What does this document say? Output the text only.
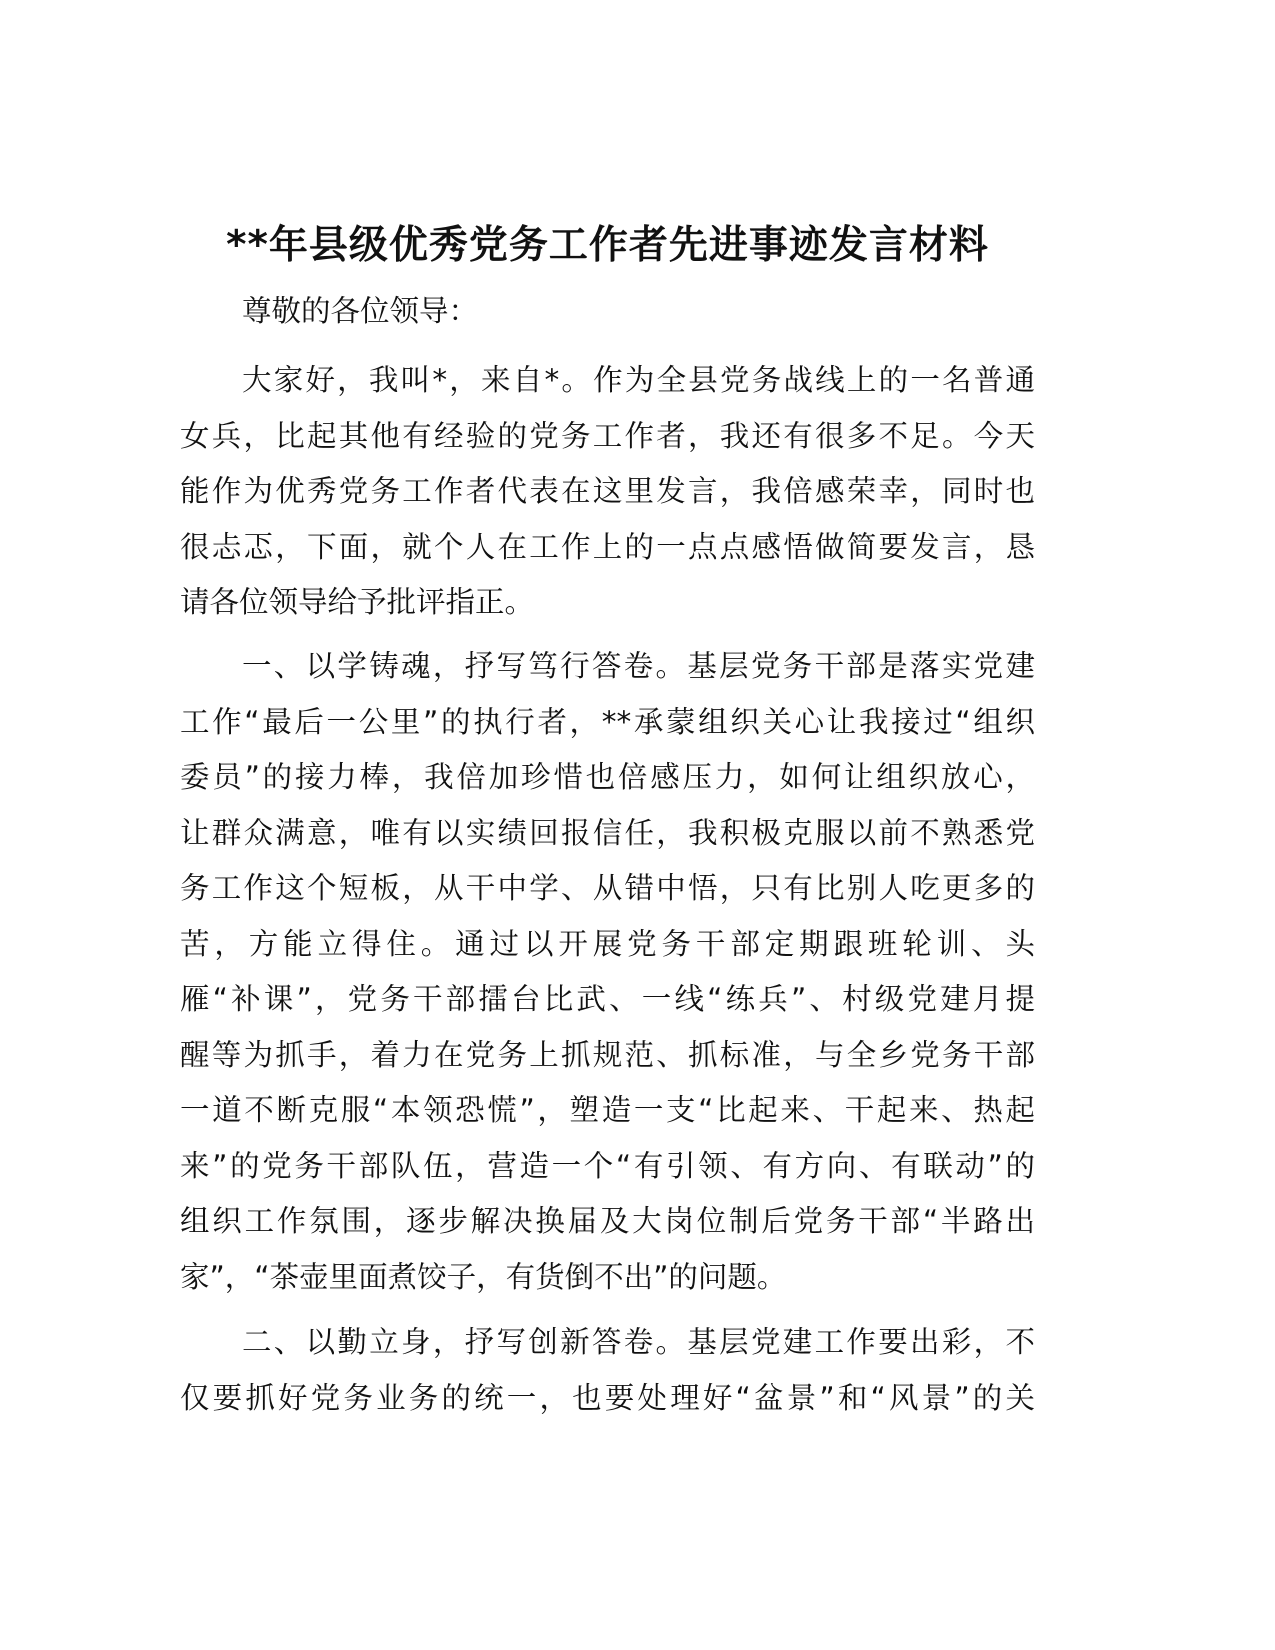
**年县级优秀党务工作者先进事迹发言材料
尊敬的各位领导：
大家好，我叫*，来自*。作为全县党务战线上的一名普通
女兵，比起其他有经验的党务工作者，我还有很多不足。今天
能作为优秀党务工作者代表在这里发言，我倍感荣幸，同时也
很忐忑，下面，就个人在工作上的一点点感悟做简要发言，恳
请各位领导给予批评指正。
一、以学铸魂，抒写笃行答卷。基层党务干部是落实党建
工作“最后一公里”的执行者，**承蒙组织关心让我接过“组织
委员”的接力棒，我倍加珍惜也倍感压力，如何让组织放心，
让群众满意，唯有以实绩回报信任，我积极克服以前不熟悉党
务工作这个短板，从干中学、从错中悟，只有比别人吃更多的
苦，方能立得住。通过以开展党务干部定期跟班轮训、头
雁“补课”，党务干部擂台比武、一线“练兵”、村级党建月提
醒等为抓手，着力在党务上抓规范、抓标准，与全乡党务干部
一道不断克服“本领恐慌”，塑造一支“比起来、干起来、热起
来”的党务干部队伍，营造一个“有引领、有方向、有联动”的
组织工作氛围，逐步解决换届及大岗位制后党务干部“半路出
家”，“茶壶里面煮饺子，有货倒不出”的问题。
二、以勤立身，抒写创新答卷。基层党建工作要出彩，不
仅要抓好党务业务的统一，也要处理好“盆景”和“风景”的关
